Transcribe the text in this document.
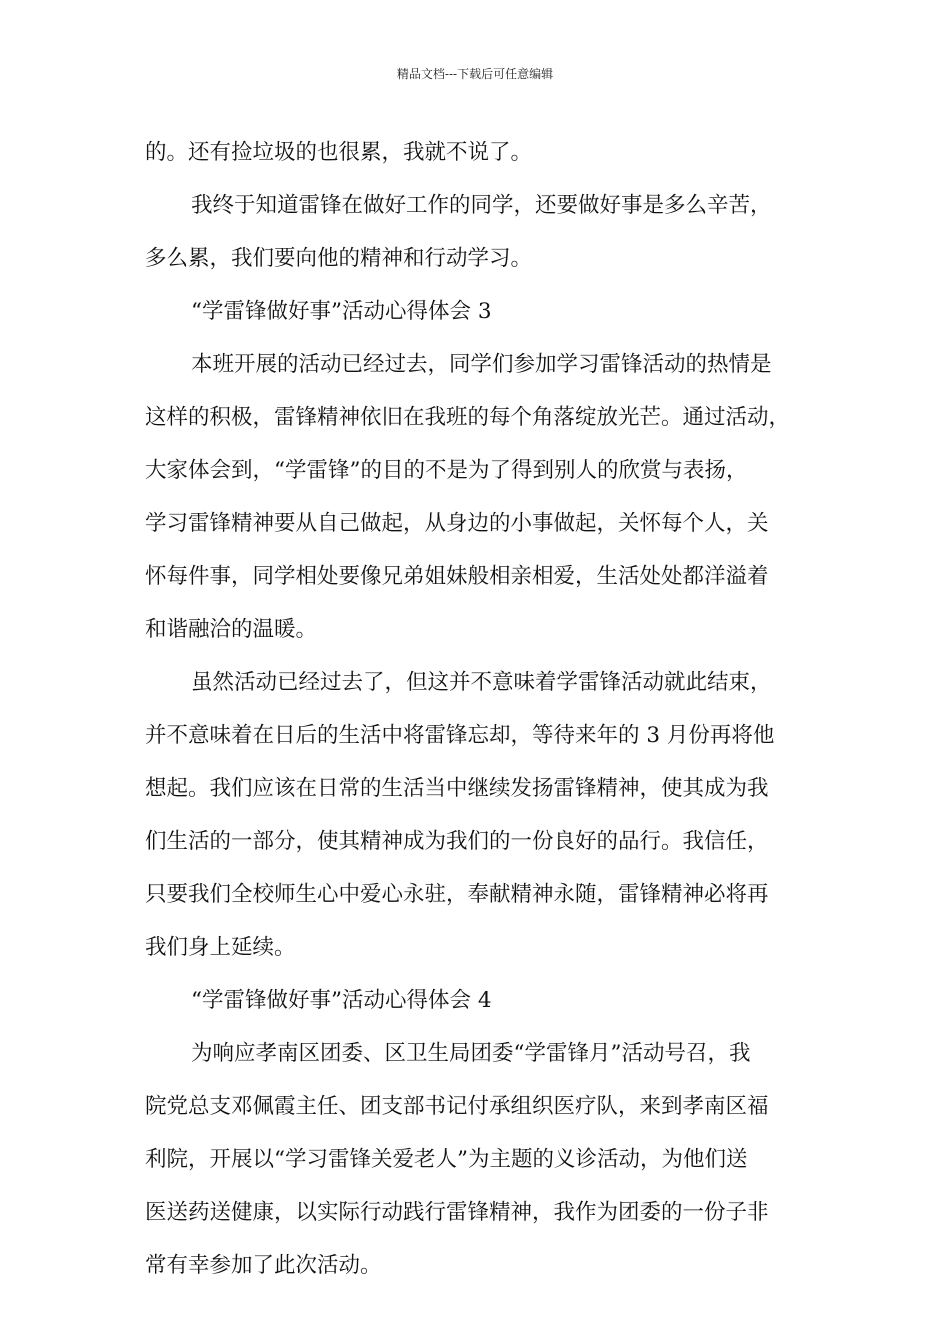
精品文档---下载后可任意编辑
的。还有捡垃圾的也很累，我就不说了。
我终于知道雷锋在做好工作的同学，还要做好事是多么辛苦，
多么累，我们要向他的精神和行动学习。
“学雷锋做好事”活动心得体会 3
本班开展的活动已经过去，同学们参加学习雷锋活动的热情是
这样的积极，雷锋精神依旧在我班的每个角落绽放光芒。通过活动，
大家体会到，“学雷锋”的目的不是为了得到别人的欣赏与表扬，
学习雷锋精神要从自己做起，从身边的小事做起，关怀每个人，关
怀每件事，同学相处要像兄弟姐妹般相亲相爱，生活处处都洋溢着
和谐融洽的温暖。
虽然活动已经过去了，但这并不意味着学雷锋活动就此结束，
并不意味着在日后的生活中将雷锋忘却，等待来年的 3 月份再将他
想起。我们应该在日常的生活当中继续发扬雷锋精神，使其成为我
们生活的一部分，使其精神成为我们的一份良好的品行。我信任，
只要我们全校师生心中爱心永驻，奉献精神永随，雷锋精神必将再
我们身上延续。
“学雷锋做好事”活动心得体会 4
为响应孝南区团委、区卫生局团委“学雷锋月”活动号召，我
院党总支邓佩霞主任、团支部书记付承组织医疗队，来到孝南区福
利院，开展以“学习雷锋关爱老人”为主题的义诊活动，为他们送
医送药送健康，以实际行动践行雷锋精神，我作为团委的一份子非
常有幸参加了此次活动。
